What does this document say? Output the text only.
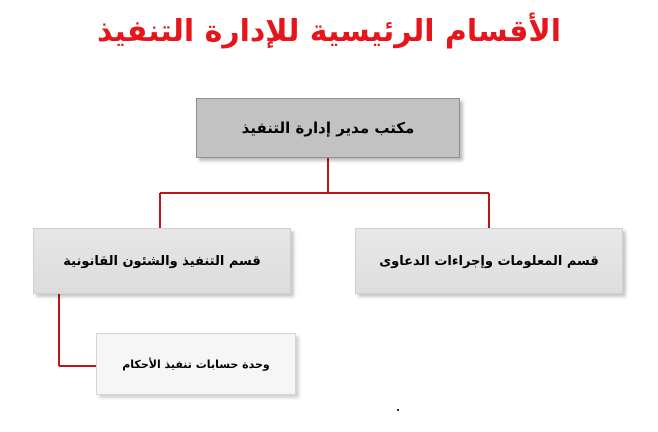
الأقسام الرئيسية للإدارة التنفيذ
مكتب مدير إدارة التنفيذ
قسم التنفيذ والشئون القانونية	قسم المعلومات وإجراءات الدعاوى
وحدة حسابات تنفيذ الأحكام
